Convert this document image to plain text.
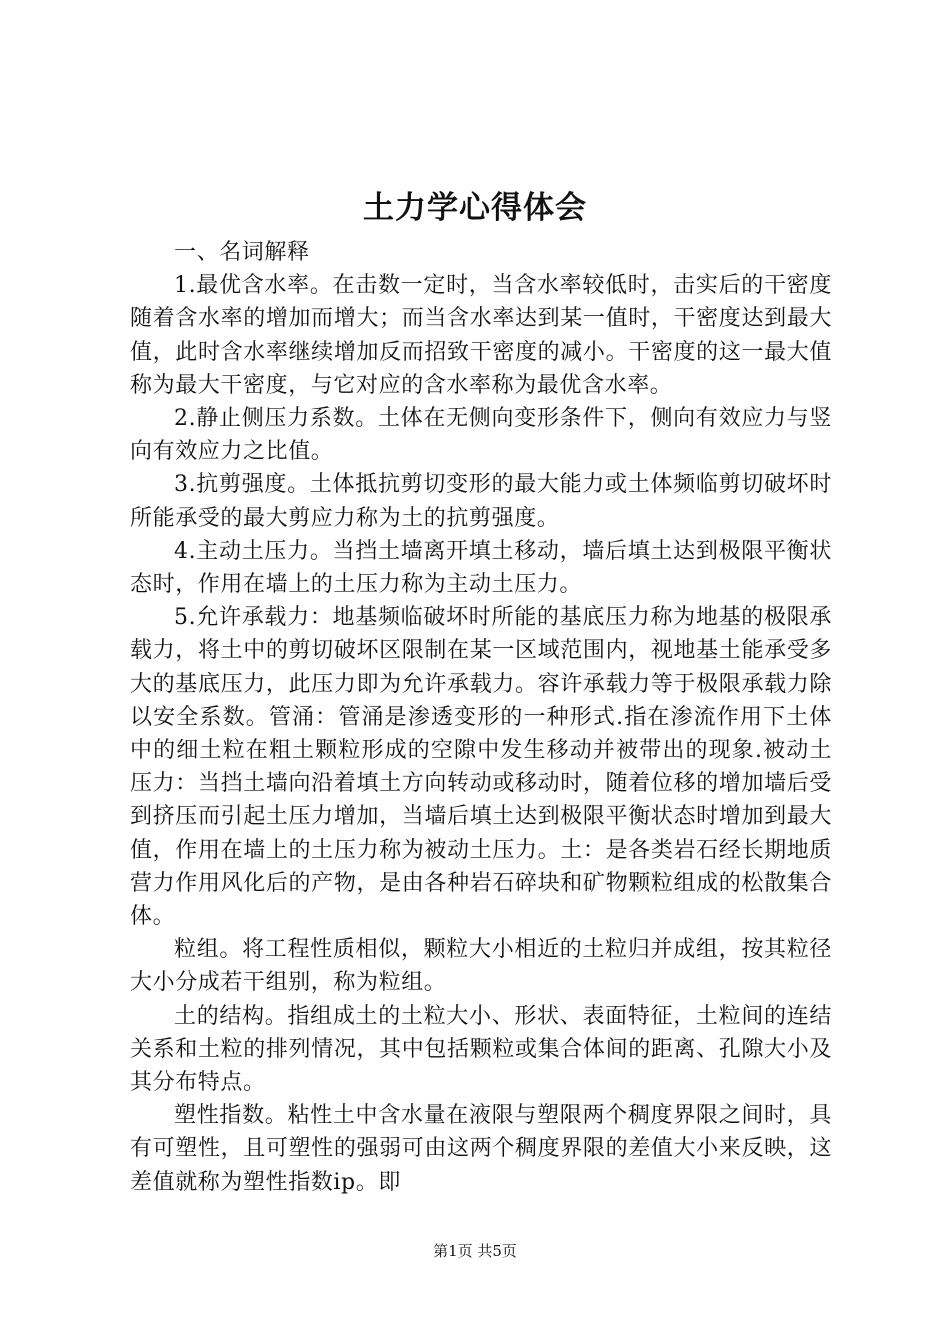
土力学心得体会

一、名词解释

1.最优含水率。在击数一定时，当含水率较低时，击实后的干密度随着含水率的增加而增大；而当含水率达到某一值时，干密度达到最大值，此时含水率继续增加反而招致干密度的减小。干密度的这一最大值称为最大干密度，与它对应的含水率称为最优含水率。

2.静止侧压力系数。土体在无侧向变形条件下，侧向有效应力与竖向有效应力之比值。

3.抗剪强度。土体抵抗剪切变形的最大能力或土体频临剪切破坏时所能承受的最大剪应力称为土的抗剪强度。

4.主动土压力。当挡土墙离开填土移动，墙后填土达到极限平衡状态时，作用在墙上的土压力称为主动土压力。

5.允许承载力：地基频临破坏时所能的基底压力称为地基的极限承载力，将土中的剪切破坏区限制在某一区域范围内，视地基土能承受多大的基底压力，此压力即为允许承载力。容许承载力等于极限承载力除以安全系数。管涌：管涌是渗透变形的一种形式.指在渗流作用下土体中的细土粒在粗土颗粒形成的空隙中发生移动并被带出的现象.被动土压力：当挡土墙向沿着填土方向转动或移动时，随着位移的增加墙后受到挤压而引起土压力增加，当墙后填土达到极限平衡状态时增加到最大值，作用在墙上的土压力称为被动土压力。土：是各类岩石经长期地质营力作用风化后的产物，是由各种岩石碎块和矿物颗粒组成的松散集合体。

粒组。将工程性质相似，颗粒大小相近的土粒归并成组，按其粒径大小分成若干组别，称为粒组。

土的结构。指组成土的土粒大小、形状、表面特征，土粒间的连结关系和土粒的排列情况，其中包括颗粒或集合体间的距离、孔隙大小及其分布特点。

塑性指数。粘性土中含水量在液限与塑限两个稠度界限之间时，具有可塑性，且可塑性的强弱可由这两个稠度界限的差值大小来反映，这差值就称为塑性指数ip。即

第1页 共5页
